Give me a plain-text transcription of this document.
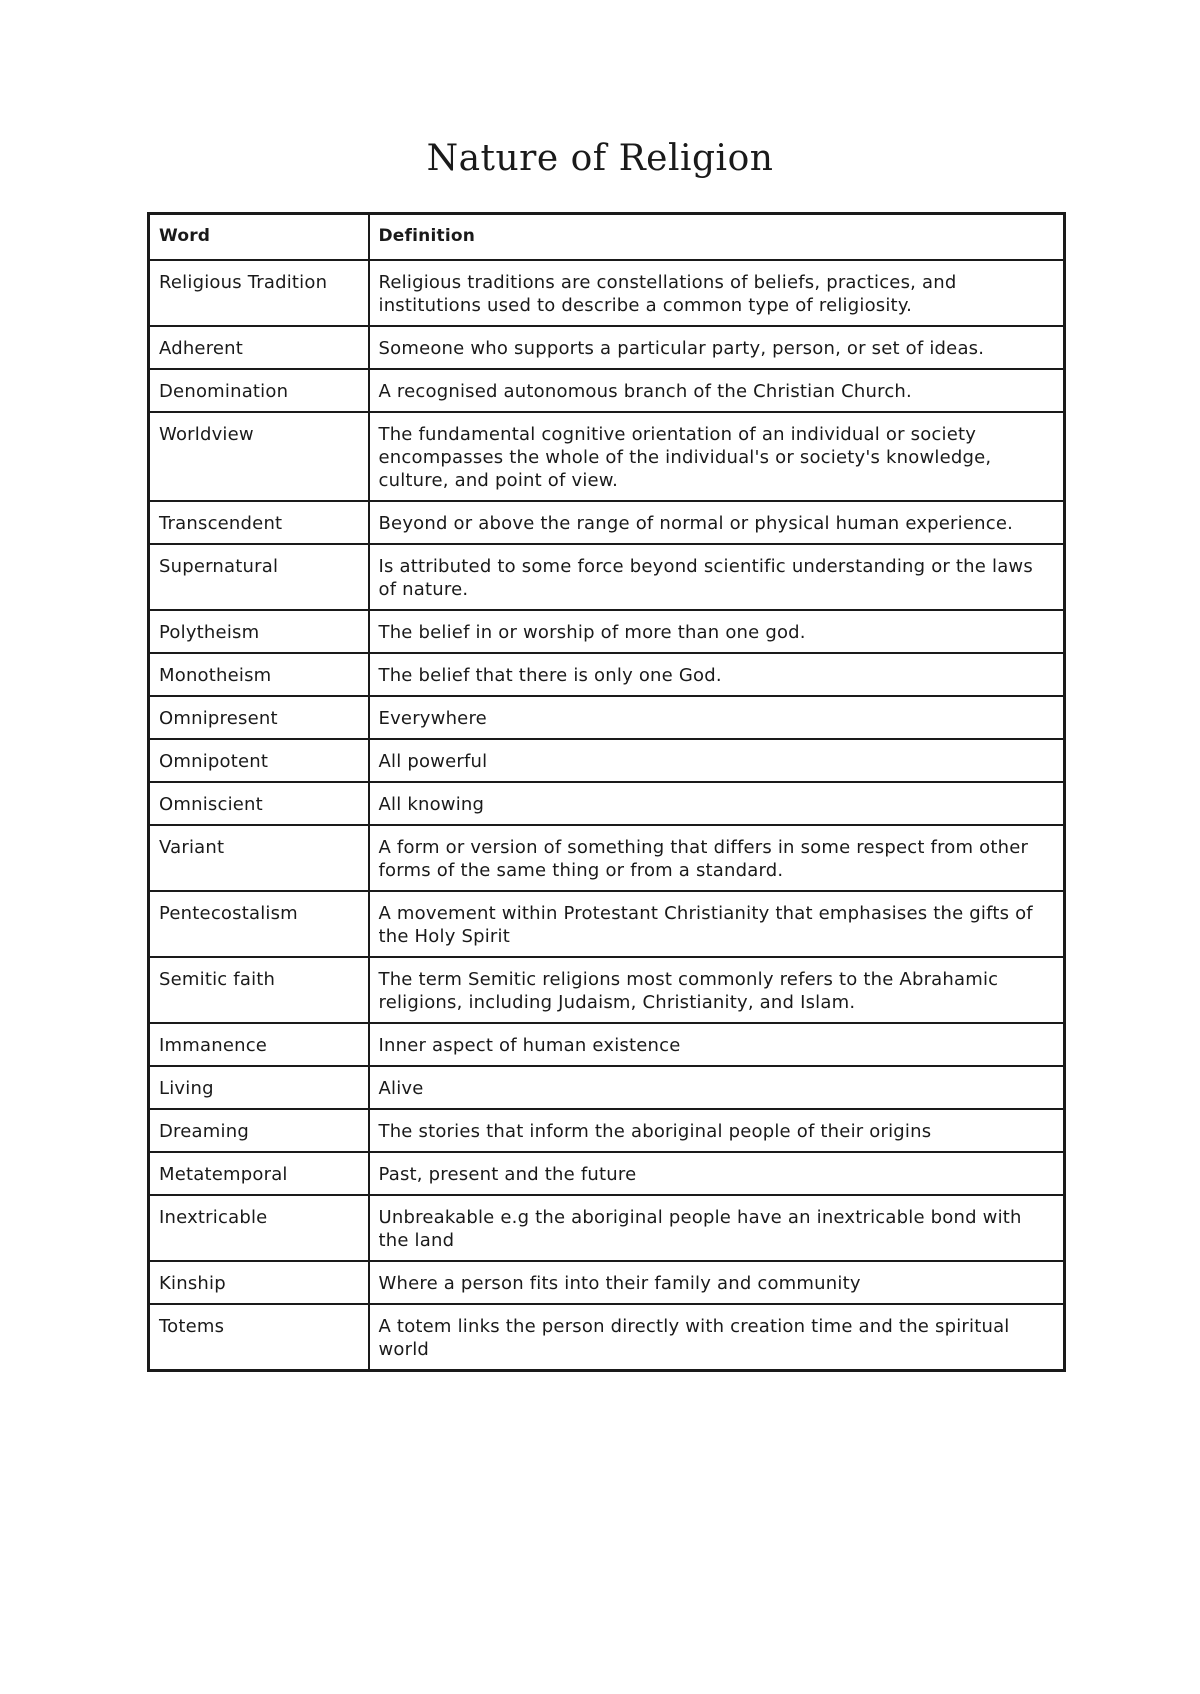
Nature of Religion
Word	Definition
Religious Tradition	Religious traditions are constellations of beliefs, practices, and institutions used to describe a common type of religiosity.
Adherent	Someone who supports a particular party, person, or set of ideas.
Denomination	A recognised autonomous branch of the Christian Church.
Worldview	The fundamental cognitive orientation of an individual or society encompasses the whole of the individual's or society's knowledge, culture, and point of view.
Transcendent	Beyond or above the range of normal or physical human experience.
Supernatural	Is attributed to some force beyond scientific understanding or the laws of nature.
Polytheism	The belief in or worship of more than one god.
Monotheism	The belief that there is only one God.
Omnipresent	Everywhere
Omnipotent	All powerful
Omniscient	All knowing
Variant	A form or version of something that differs in some respect from other forms of the same thing or from a standard.
Pentecostalism	A movement within Protestant Christianity that emphasises the gifts of the Holy Spirit
Semitic faith	The term Semitic religions most commonly refers to the Abrahamic religions, including Judaism, Christianity, and Islam.
Immanence	Inner aspect of human existence
Living	Alive
Dreaming	The stories that inform the aboriginal people of their origins
Metatemporal	Past, present and the future
Inextricable	Unbreakable e.g the aboriginal people have an inextricable bond with the land
Kinship	Where a person fits into their family and community
Totems	A totem links the person directly with creation time and the spiritual world
